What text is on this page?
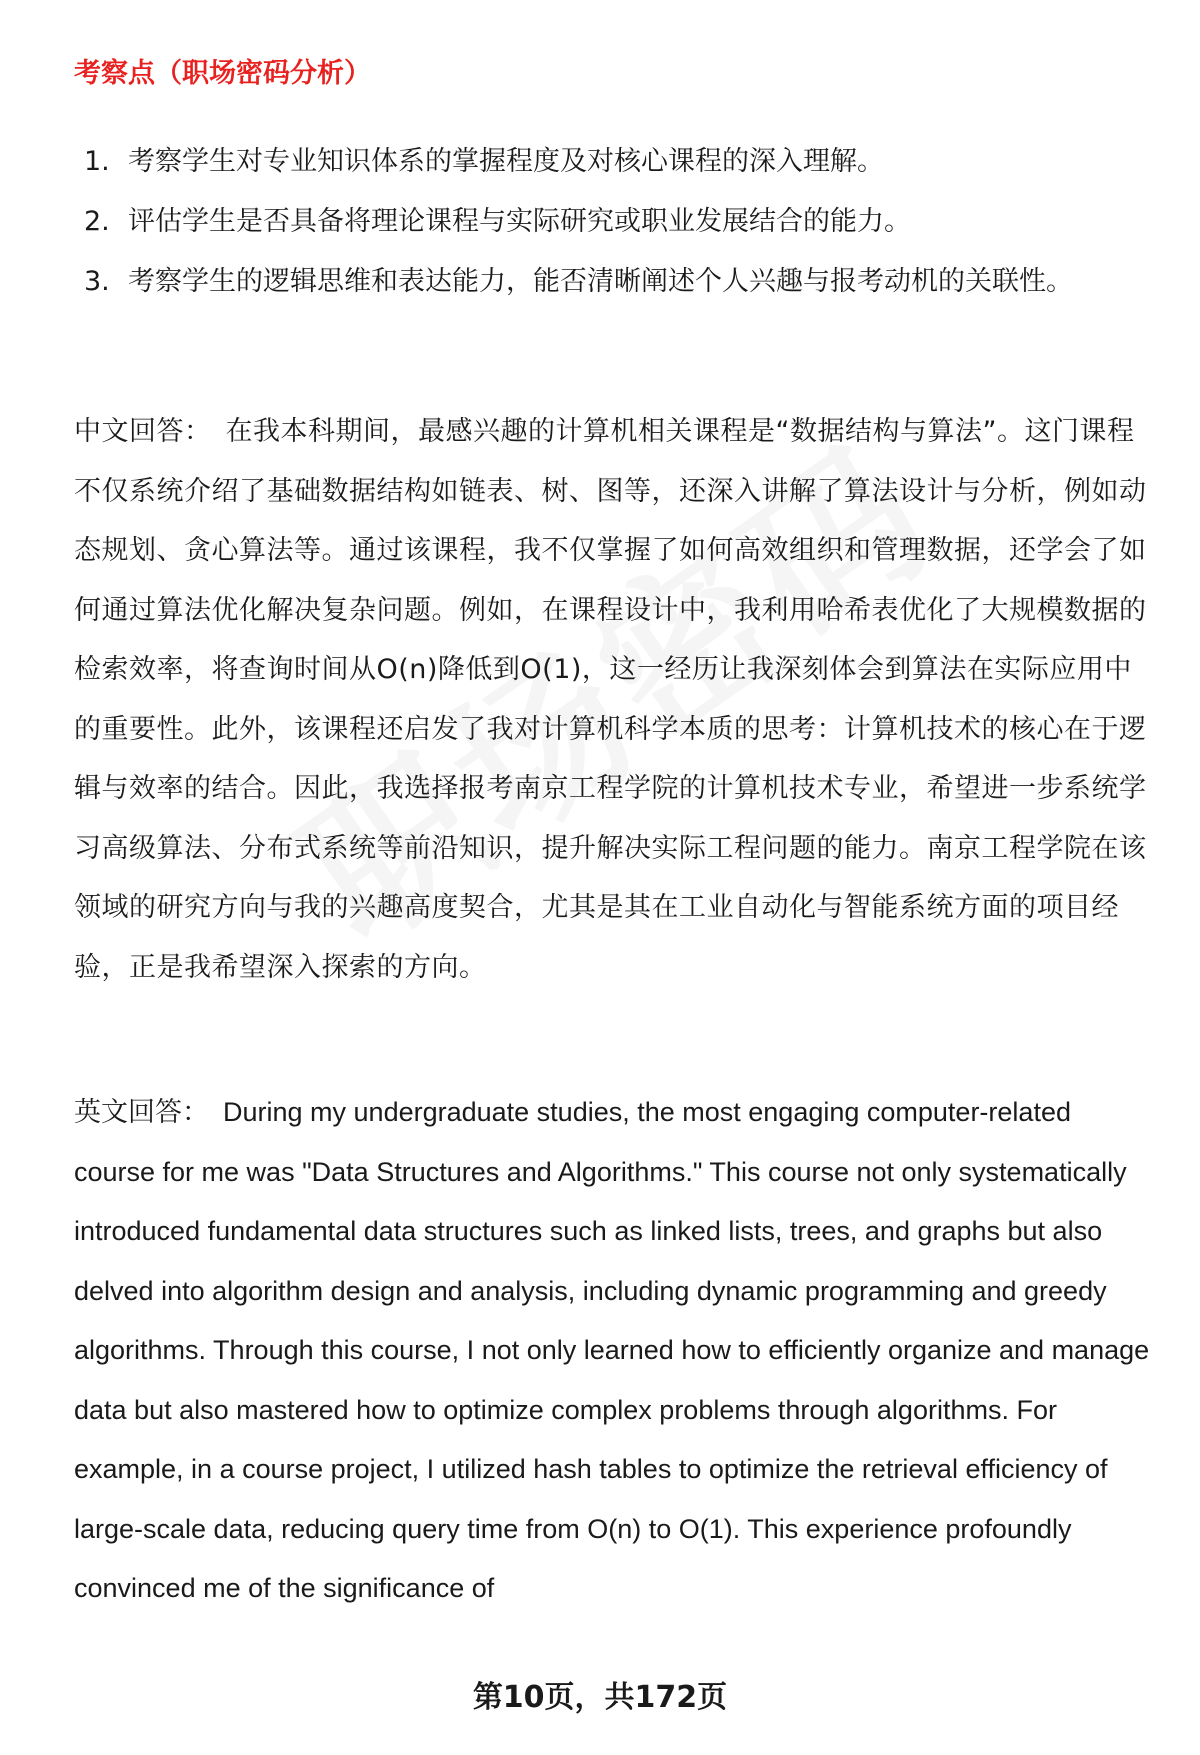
考察点（职场密码分析）
1. 考察学生对专业知识体系的掌握程度及对核心课程的深入理解。
2. 评估学生是否具备将理论课程与实际研究或职业发展结合的能力。
3. 考察学生的逻辑思维和表达能力，能否清晰阐述个人兴趣与报考动机的关联性。

中文回答： 在我本科期间，最感兴趣的计算机相关课程是“数据结构与算法”。这门课程不仅系统介绍了基础数据结构如链表、树、图等，还深入讲解了算法设计与分析，例如动态规划、贪心算法等。通过该课程，我不仅掌握了如何高效组织和管理数据，还学会了如何通过算法优化解决复杂问题。例如，在课程设计中，我利用哈希表优化了大规模数据的检索效率，将查询时间从O(n)降低到O(1)，这一经历让我深刻体会到算法在实际应用中的重要性。此外，该课程还启发了我对计算机科学本质的思考：计算机技术的核心在于逻辑与效率的结合。因此，我选择报考南京工程学院的计算机技术专业，希望进一步系统学习高级算法、分布式系统等前沿知识，提升解决实际工程问题的能力。南京工程学院在该领域的研究方向与我的兴趣高度契合，尤其是其在工业自动化与智能系统方面的项目经验，正是我希望深入探索的方向。

英文回答： During my undergraduate studies, the most engaging computer-related course for me was "Data Structures and Algorithms." This course not only systematically introduced fundamental data structures such as linked lists, trees, and graphs but also delved into algorithm design and analysis, including dynamic programming and greedy algorithms. Through this course, I not only learned how to efficiently organize and manage data but also mastered how to optimize complex problems through algorithms. For example, in a course project, I utilized hash tables to optimize the retrieval efficiency of large-scale data, reducing query time from O(n) to O(1). This experience profoundly convinced me of the significance of

第10页，共172页
